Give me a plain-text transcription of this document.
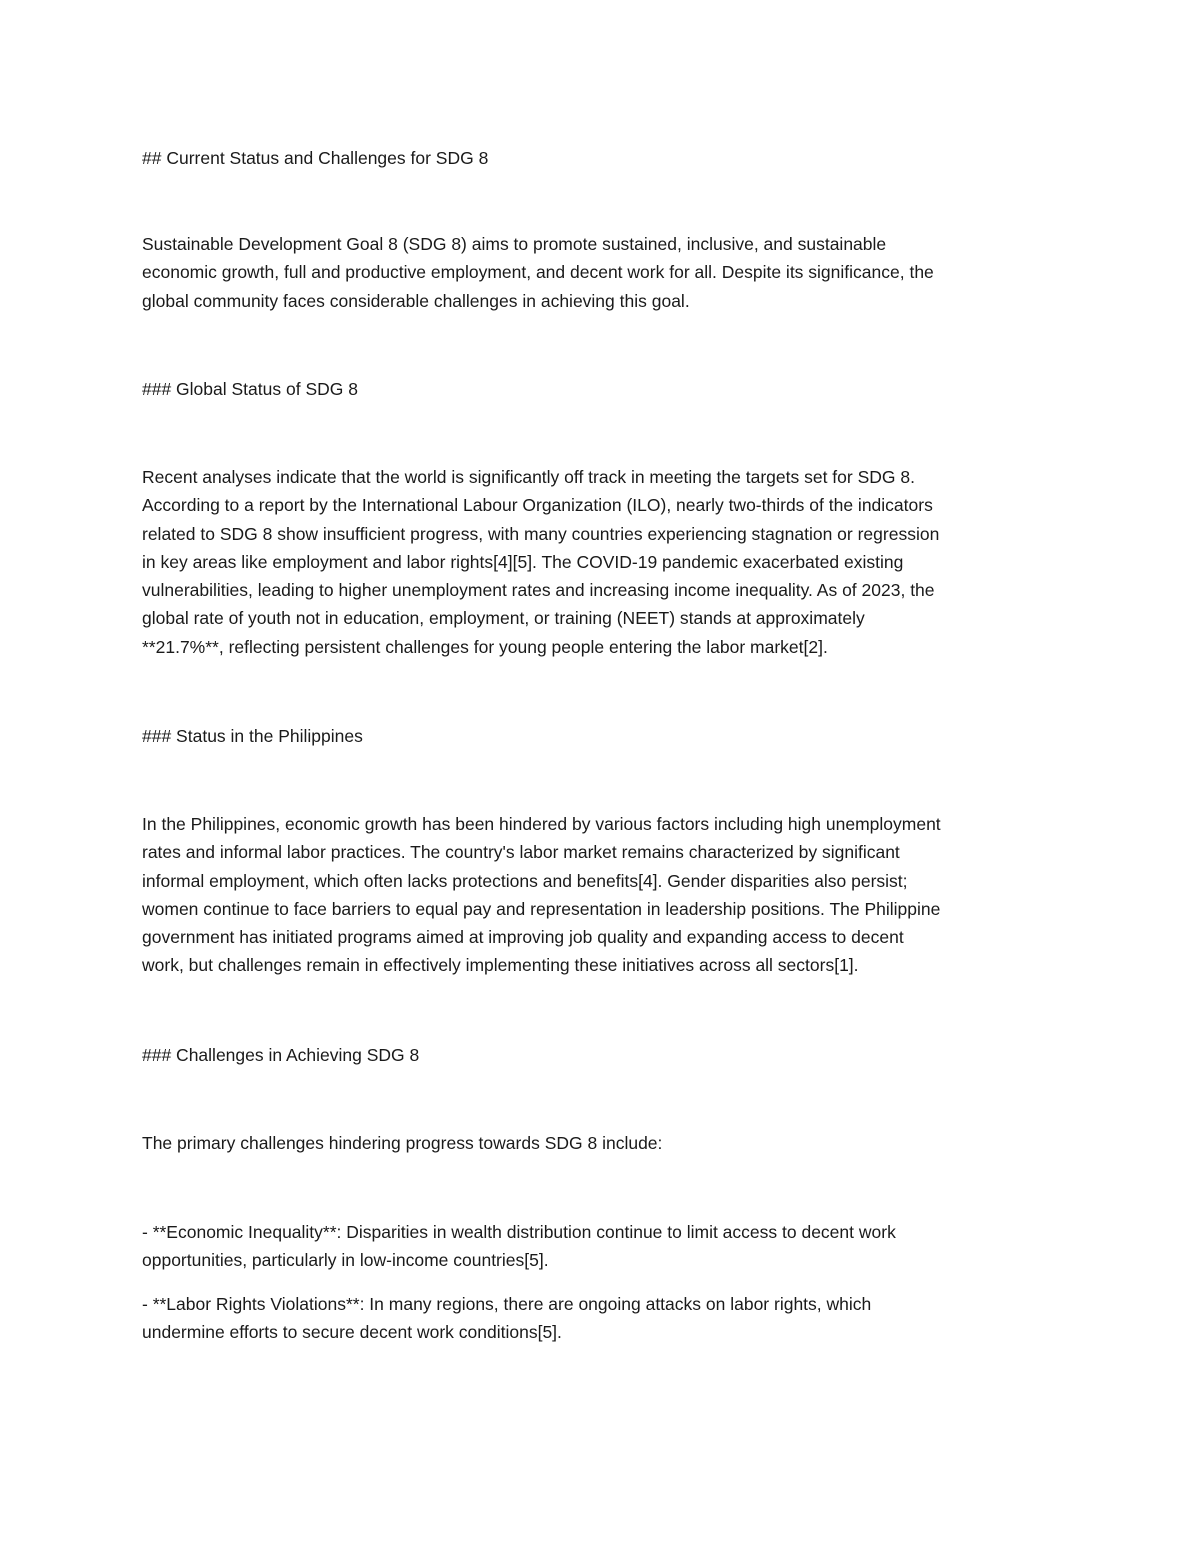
## Current Status and Challenges for SDG 8

Sustainable Development Goal 8 (SDG 8) aims to promote sustained, inclusive, and sustainable
economic growth, full and productive employment, and decent work for all. Despite its significance, the
global community faces considerable challenges in achieving this goal.

### Global Status of SDG 8

Recent analyses indicate that the world is significantly off track in meeting the targets set for SDG 8.
According to a report by the International Labour Organization (ILO), nearly two-thirds of the indicators
related to SDG 8 show insufficient progress, with many countries experiencing stagnation or regression
in key areas like employment and labor rights[4][5]. The COVID-19 pandemic exacerbated existing
vulnerabilities, leading to higher unemployment rates and increasing income inequality. As of 2023, the
global rate of youth not in education, employment, or training (NEET) stands at approximately
**21.7%**, reflecting persistent challenges for young people entering the labor market[2].

### Status in the Philippines

In the Philippines, economic growth has been hindered by various factors including high unemployment
rates and informal labor practices. The country's labor market remains characterized by significant
informal employment, which often lacks protections and benefits[4]. Gender disparities also persist;
women continue to face barriers to equal pay and representation in leadership positions. The Philippine
government has initiated programs aimed at improving job quality and expanding access to decent
work, but challenges remain in effectively implementing these initiatives across all sectors[1].

### Challenges in Achieving SDG 8

The primary challenges hindering progress towards SDG 8 include:

- **Economic Inequality**: Disparities in wealth distribution continue to limit access to decent work
opportunities, particularly in low-income countries[5].

- **Labor Rights Violations**: In many regions, there are ongoing attacks on labor rights, which
undermine efforts to secure decent work conditions[5].
